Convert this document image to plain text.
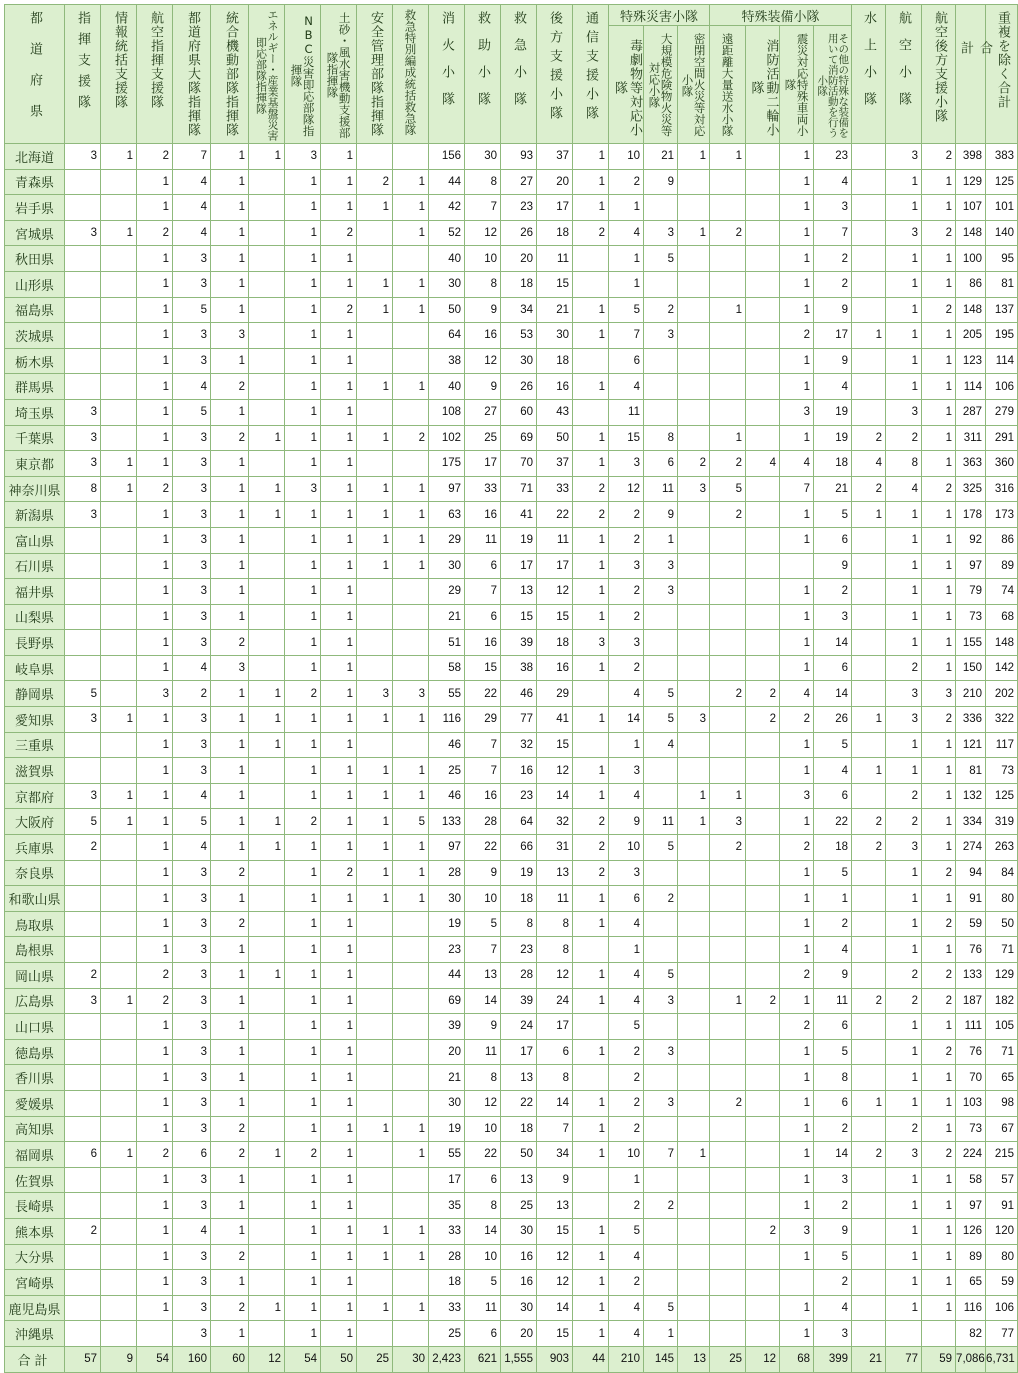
都道府県	指揮支援隊	情報統括支援隊	航空指揮支援隊	都道府県大隊指揮隊	統合機動部隊指揮隊	エネルギー・産業基盤災害即応部隊指揮隊	NBC災害即応部隊指揮隊	土砂・風水害機動支援部隊指揮隊	安全管理部隊指揮隊	救急特別編成統括救急隊	消火小隊	救助小隊	救急小隊	後方支援小隊	通信支援小隊	特殊災害小隊			特殊装備小隊				水上小隊	航空小隊	航空後方支援小隊	合計	重複を除く合計

																毒劇物等対応小隊	大規模危険物火災等対応小隊	密閉空間火災等対応小隊	遠距離大量送水小隊	消防活動二輪小隊	震災対応特殊車両小隊	その他の特殊な装備を用いて消防活動を行う小隊					

北海道	3	1	2	7	1	1	3	1			156	30	93	37	1	10	21	1	1		1	23		3	2	398	383
青森県			1	4	1		1	1	2	1	44	8	27	20	1	2	9				1	4		1	1	129	125
岩手県			1	4	1		1	1	1	1	42	7	23	17	1	1					1	3		1	1	107	101
宮城県	3	1	2	4	1		1	2		1	52	12	26	18	2	4	3	1	2		1	7		3	2	148	140
秋田県			1	3	1		1	1			40	10	20	11		1	5				1	2		1	1	100	95
山形県			1	3	1		1	1	1	1	30	8	18	15		1					1	2		1	1	86	81
福島県			1	5	1		1	2	1	1	50	9	34	21	1	5	2		1		1	9		1	2	148	137
茨城県			1	3	3		1	1			64	16	53	30	1	7	3				2	17	1	1	1	205	195
栃木県			1	3	1		1	1			38	12	30	18		6					1	9		1	1	123	114
群馬県			1	4	2		1	1	1	1	40	9	26	16	1	4					1	4		1	1	114	106
埼玉県	3		1	5	1		1	1			108	27	60	43		11					3	19		3	1	287	279
千葉県	3		1	3	2	1	1	1	1	2	102	25	69	50	1	15	8		1		1	19	2	2	1	311	291
東京都	3	1	1	3	1		1	1			175	17	70	37	1	3	6	2	2	4	4	18	4	8	1	363	360
神奈川県	8	1	2	3	1	1	3	1	1	1	97	33	71	33	2	12	11	3	5		7	21	2	4	2	325	316
新潟県	3		1	3	1	1	1	1	1	1	63	16	41	22	2	2	9		2		1	5	1	1	1	178	173
富山県			1	3	1		1	1	1	1	29	11	19	11	1	2	1				1	6		1	1	92	86
石川県			1	3	1		1	1	1	1	30	6	17	17	1	3	3					9		1	1	97	89
福井県			1	3	1		1	1			29	7	13	12	1	2	3				1	2		1	1	79	74
山梨県			1	3	1		1	1			21	6	15	15	1	2					1	3		1	1	73	68
長野県			1	3	2		1	1			51	16	39	18	3	3					1	14		1	1	155	148
岐阜県			1	4	3		1	1			58	15	38	16	1	2					1	6		2	1	150	142
静岡県	5		3	2	1	1	2	1	3	3	55	22	46	29		4	5		2	2	4	14		3	3	210	202
愛知県	3	1	1	3	1	1	1	1	1	1	116	29	77	41	1	14	5	3		2	2	26	1	3	2	336	322
三重県			1	3	1	1	1	1			46	7	32	15		1	4				1	5		1	1	121	117
滋賀県			1	3	1		1	1	1	1	25	7	16	12	1	3					1	4	1	1	1	81	73
京都府	3	1	1	4	1		1	1	1	1	46	16	23	14	1	4		1	1		3	6		2	1	132	125
大阪府	5	1	1	5	1	1	2	1	1	5	133	28	64	32	2	9	11	1	3		1	22	2	2	1	334	319
兵庫県	2		1	4	1	1	1	1	1	1	97	22	66	31	2	10	5		2		2	18	2	3	1	274	263
奈良県			1	3	2		1	2	1	1	28	9	19	13	2	3					1	5		1	2	94	84
和歌山県			1	3	1		1	1	1	1	30	10	18	11	1	6	2				1	1		1	1	91	80
鳥取県			1	3	2		1	1			19	5	8	8	1	4					1	2		1	2	59	50
島根県			1	3	1		1	1			23	7	23	8		1					1	4		1	1	76	71
岡山県	2		2	3	1	1	1	1			44	13	28	12	1	4	5				2	9		2	2	133	129
広島県	3	1	2	3	1		1	1			69	14	39	24	1	4	3		1	2	1	11	2	2	2	187	182
山口県			1	3	1		1	1			39	9	24	17		5					2	6		1	1	111	105
徳島県			1	3	1		1	1			20	11	17	6	1	2	3				1	5		1	2	76	71
香川県			1	3	1		1	1			21	8	13	8		2					1	8		1	1	70	65
愛媛県			1	3	1		1	1			30	12	22	14	1	2	3		2		1	6	1	1	1	103	98
高知県			1	3	2		1	1	1	1	19	10	18	7	1	2					1	2		2	1	73	67
福岡県	6	1	2	6	2	1	2	1		1	55	22	50	34	1	10	7	1			1	14	2	3	2	224	215
佐賀県			1	3	1		1	1			17	6	13	9		1					1	3		1	1	58	57
長崎県			1	3	1		1	1			35	8	25	13		2	2				1	2		1	1	97	91
熊本県	2		1	4	1		1	1	1	1	33	14	30	15	1	5				2	3	9		1	1	126	120
大分県			1	3	2		1	1	1	1	28	10	16	12	1	4					1	5		1	1	89	80
宮崎県			1	3	1		1	1			18	5	16	12	1	2						2		1	1	65	59
鹿児島県			1	3	2	1	1	1	1	1	33	11	30	14	1	4	5				1	4		1	1	116	106
沖縄県				3	1		1	1			25	6	20	15	1	4	1				1	3				82	77
合計	57	9	54	160	60	12	54	50	25	30	2,423	621	1,555	903	44	210	145	13	25	12	68	399	21	77	59	7,086	6,731
